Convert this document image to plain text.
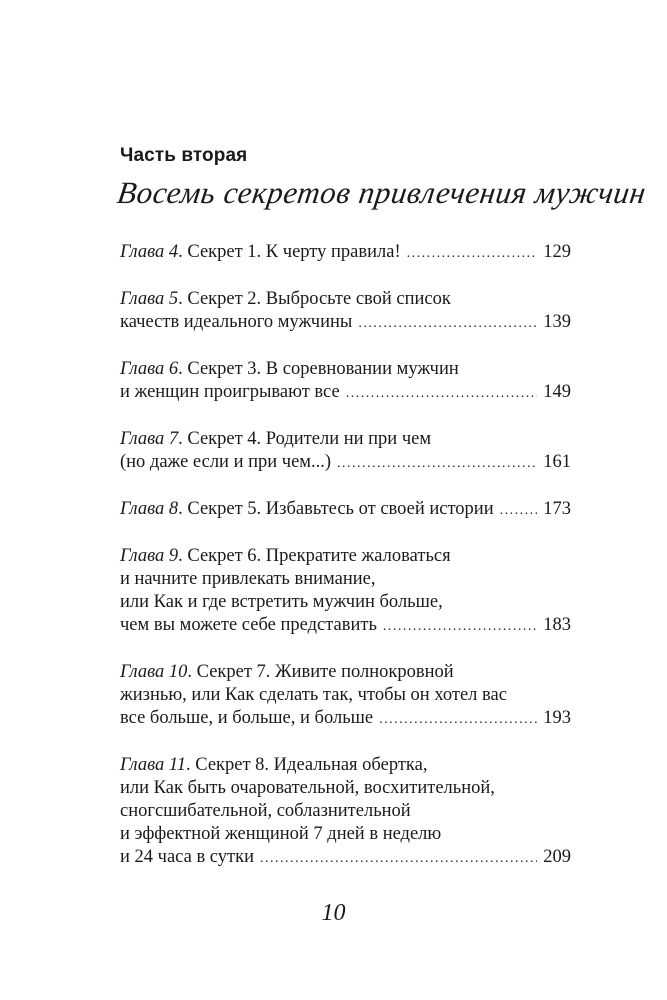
Часть вторая
Восемь секретов привлечения мужчин
Глава 4. Секрет 1. К черту правила! .....	129
Глава 5. Секрет 2. Выбросьте свой список
качеств идеального мужчины .....	139
Глава 6. Секрет 3. В соревновании мужчин
и женщин проигрывают все .....	149
Глава 7. Секрет 4. Родители ни при чем
(но даже если и при чем...) .....	161
Глава 8. Секрет 5. Избавьтесь от своей истории .....	173
Глава 9. Секрет 6. Прекратите жаловаться
и начните привлекать внимание,
или Как и где встретить мужчин больше,
чем вы можете себе представить .....	183
Глава 10. Секрет 7. Живите полнокровной
жизнью, или Как сделать так, чтобы он хотел вас
все больше, и больше, и больше .....	193
Глава 11. Секрет 8. Идеальная обертка,
или Как быть очаровательной, восхитительной,
сногсшибательной, соблазнительной
и эффектной женщиной 7 дней в неделю
и 24 часа в сутки .....	209
10
